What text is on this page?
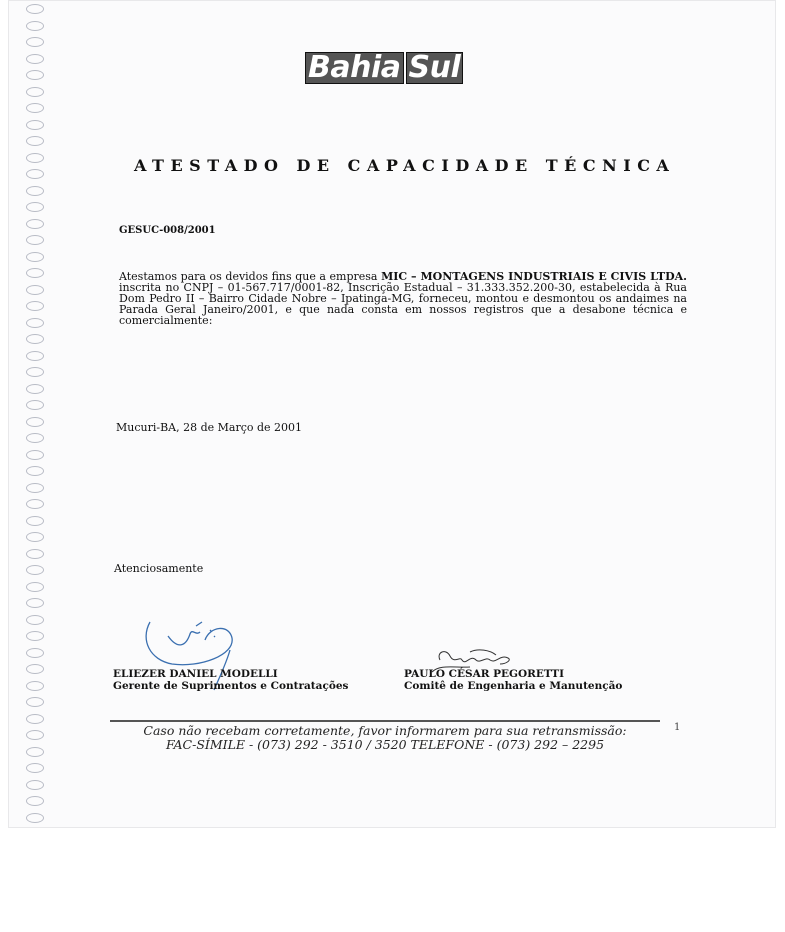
Bahia Sul
ATESTADO DE CAPACIDADE TÉCNICA
GESUC-008/2001
Atestamos para os devidos fins que a empresa MIC – MONTAGENS INDUSTRIAIS E CIVIS LTDA. inscrita no CNPJ – 01-567.717/0001-82, Inscrição Estadual – 31.333.352.200-30, estabelecida à Rua Dom Pedro II – Bairro Cidade Nobre – Ipatinga-MG, forneceu, montou e desmontou os andaimes na Parada Geral Janeiro/2001, e que nada consta em nossos registros que a desabone técnica e comercialmente:
Mucuri-BA, 28 de Março de 2001
Atenciosamente
ELIEZER DANIEL MODELLI
Gerente de Suprimentos e Contratações
PAULO CÉSAR PEGORETTI
Comitê de Engenharia e Manutenção
Caso não recebam corretamente, favor informarem para sua retransmissão:
FAC-SÍMILE - (073) 292 - 3510 / 3520 TELEFONE - (073) 292 – 2295
1
